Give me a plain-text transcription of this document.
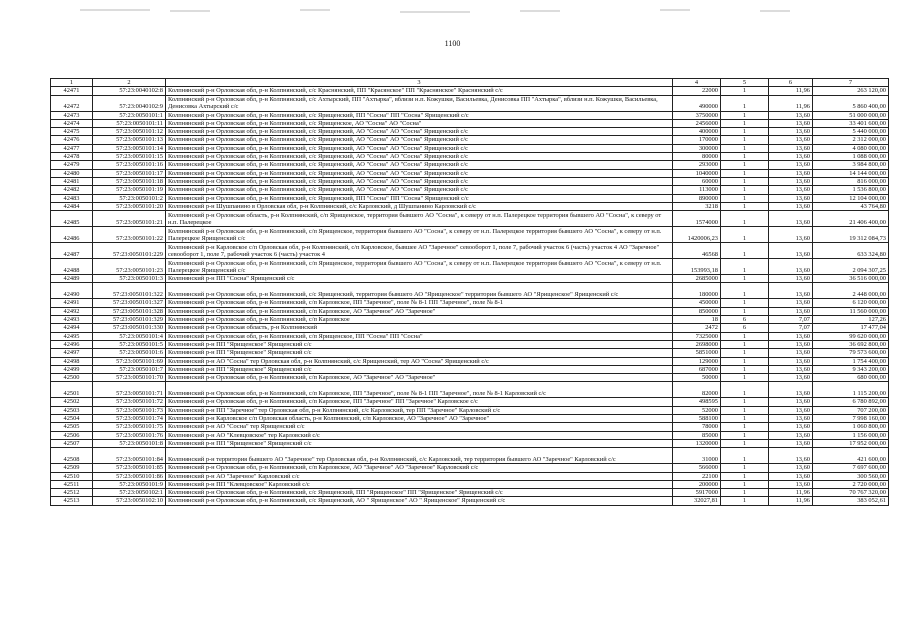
1100
1	2	3	4	5	6	7
42471	57:23:0040102:8	Колпнянский р-н Орловская обл, р-н Колпнянский, с/с Краснянский, ПП "Красянское" ПП "Краснянское" Краснянский с/с	22000	1	11,96	263 120,00
42472	57:23:0040102:9	Колпнянский р-н Орловская обл, р-н Колпнянский, с/с Ахтырский, ПП "Ахтырка", вблизи н.п. Кожушки, Васильевка, Денисовка ПП "Ахтырка", вблизи н.п. Кожушки, Васильевка, Денисовка Ахтырский с/с	490000	1	11,96	5 860 400,00
42473	57:23:0050101:1	Колпнянский р-н Орловская обл, р-н Колпнянский, с/с Ярищенский, ПП "Сосна" ПП "Сосна" Ярищенский с/с	3750000	1	13,60	51 000 000,00
42474	57:23:0050101:11	Колпнянский р-н Орловская обл, р-н Колпнянский, с/с Ярищенское, АО "Сосна" АО "Сосна"	2456000	1	13,60	33 401 600,00
42475	57:23:0050101:12	Колпнянский р-н Орловская обл, р-н Колпнянский, с/с Ярищенский, АО "Сосна" АО "Сосна" Ярищенский с/с	400000	1	13,60	5 440 000,00
42476	57:23:0050101:13	Колпнянский р-н Орловская обл, р-н Колпнянский, с/с Ярищенский, АО "Сосна" АО "Сосна" Ярищенский с/с	170000	1	13,60	2 312 000,00
42477	57:23:0050101:14	Колпнянский р-н Орловская обл, р-н Колпнянский, с/с Ярищенский, АО "Сосна" АО "Сосна" Ярищенский с/с	300000	1	13,60	4 080 000,00
42478	57:23:0050101:15	Колпнянский р-н Орловская обл, р-н Колпнянский, с/с Ярищенский, АО "Сосна" АО "Сосна" Ярищенский с/с	80000	1	13,60	1 088 000,00
42479	57:23:0050101:16	Колпнянский р-н Орловская обл, р-н Колпнянский, с/с Ярищенский, АО "Сосна" АО "Сосна" Ярищенский с/с	293000	1	13,60	3 984 800,00
42480	57:23:0050101:17	Колпнянский р-н Орловская обл, р-н Колпнянский, с/с Ярищенский, АО "Сосна" АО "Сосна" Ярищенский с/с	1040000	1	13,60	14 144 000,00
42481	57:23:0050101:18	Колпнянский р-н Орловская обл, р-н Колпнянский, с/с Ярищенский, АО "Сосна" АО "Сосна" Ярищенский с/с	60000	1	13,60	816 000,00
42482	57:23:0050101:19	Колпнянский р-н Орловская обл, р-н Колпнянский, с/с Ярищенский, АО "Сосна" АО "Сосна" Ярищенский с/с	113000	1	13,60	1 536 800,00
42483	57:23:0050101:2	Колпнянский р-н Орловская обл, р-н Колпнянский, с/с Ярищенский, ПП "Сосна" ПП "Сосна" Ярищенский с/с	890000	1	13,60	12 104 000,00
42484	57:23:0050101:20	Колпнянский р-н Шушпанино в Орловская обл, р-н Колпнянский, с/с Карловский, д Шушпанино Карловский с/с	3218	1	13,60	43 764,80
42485	57:23:0050101:21	Колпнянский р-н Орловская область, р-н Колпнянский, с/п Ярищенское, территория бывшего АО "Сосна", к северу от н.п. Палерецкое территория бывшего АО "Сосна", к северу от н.п. Палерецкое	1574000	1	13,60	21 406 400,00
42486	57:23:0050101:22	Колпнянский р-н Орловская обл, р-н Колпнянский, с/п Ярищенское, территория бывшего АО "Сосна", к северу от н.п. Палерецкое территория бывшего АО "Сосна", к северу от н.п. Палерецкое Ярищенский с/с	1420006,23	1	13,60	19 312 084,73
42487	57:23:0050101:229	Колпнянский р-н Карловское с/п Орловская обл, р-н Колпнянский, с/п Карловское, бывшее АО "Заречное" севооборот 1, поле 7, рабочий участок 6 (часть) участок 4 АО "Заречное" севооборот 1, поле 7, рабочий участок 6 (часть) участок 4	46568	1	13,60	633 324,80
42488	57:23:0050101:23	Колпнянский р-н Орловская обл, р-н Колпнянский, с/п Ярищенское, территория бывшего АО "Сосна", к северу от н.п. Палерецкое территория бывшего АО "Сосна", к северу от н.п. Палерецкое Ярищенский с/с	153993,18	1	13,60	2 094 307,25
42489	57:23:0050101:3	Колпнянский р-н ПП "Сосна" Ярищенский с/с	2685000	1	13,60	36 516 000,00
42490	57:23:0050101:322	Колпнянский р-н Орловская обл, р-н Колпнянский, с/с Ярищенский, территория бывшего АО "Ярищенское" территория бывшего АО "Ярищенское" Ярищенский с/с	180000	1	13,60	2 448 000,00
42491	57:23:0050101:327	Колпнянский р-н Орловская обл, р-н Колпнянский, с/п Карловское, ПП "Заречное", поле № 8-1 ПП "Заречное", поле № 8-1	450000	1	13,60	6 120 000,00
42492	57:23:0050101:328	Колпнянский р-н Орловская обл, р-н Колпнянский, с/п Карловское, АО "Заречное" АО "Заречное"	850000	1	13,60	11 560 000,00
42493	57:23:0050101:329	Колпнянский р-н Орловская обл, р-н Колпнянский, с/п Карловское	18	6	7,07	127,26
42494	57:23:0050101:330	Колпнянский р-н Орловская область, р-н Колпнянский	2472	6	7,07	17 477,04
42495	57:23:0050101:4	Колпнянский р-н Орловская обл, р-н Колпнянский, с/п Ярищенское, ПП "Сосна" ПП "Сосна"	7325000	1	13,60	99 620 000,00
42496	57:23:0050101:5	Колпнянский р-н ПП "Ярищенское" Ярищенский с/с	2698000	1	13,60	36 692 800,00
42497	57:23:0050101:6	Колпнянский р-н ПП "Ярищенское" Ярищенский с/с	5851000	1	13,60	79 573 600,00
42498	57:23:0050101:69	Колпнянский р-н АО "Сосна" тер Орловская обл, р-н Колпнянский, с/с Ярищенский, тер АО "Сосна" Ярищенский с/с	129000	1	13,60	1 754 400,00
42499	57:23:0050101:7	Колпнянский р-н ПП "Ярищенское" Ярищенский с/с	687000	1	13,60	9 343 200,00
42500	57:23:0050101:70	Колпнянский р-н Орловская обл, р-н Колпнянский, с/п Карловское, АО "Заречное" АО "Заречное"	50000	1	13,60	680 000,00
42501	57:23:0050101:71	Колпнянский р-н Орловская обл, р-н Колпнянский, с/п Карловское, ПП "Заречное", поле № 8-1 ПП "Заречное", поле № 8-1 Карловский с/с	82000	1	13,60	1 115 200,00
42502	57:23:0050101:72	Колпнянский р-н Орловская обл, р-н Колпнянский, с/п Карловское, ПП "Заречное" ПП "Заречное" Карловское с/с	498595	1	13,60	6 780 892,00
42503	57:23:0050101:73	Колпнянский р-н ПП "Заречное" тер Орловская обл, р-н Колпнянский, с/с Карловский, тер ПП "Заречное" Карловский с/с	52000	1	13,60	707 200,00
42504	57:23:0050101:74	Колпнянский р-н Карловское с/п Орловская область, р-н Колпнянский, с/п Карловское, АО "Заречное" АО "Заречное"	588100	1	13,60	7 998 160,00
42505	57:23:0050101:75	Колпнянский р-н АО "Сосна" тер Ярищенский с/с	78000	1	13,60	1 060 800,00
42506	57:23:0050101:76	Колпнянский р-н АО "Клевцовское" тер Карловский с/с	85000	1	13,60	1 156 000,00
42507	57:23:0050101:8	Колпнянский р-н ПП "Ярищенское" Ярищенский с/с	1320000	1	13,60	17 952 000,00
42508	57:23:0050101:84	Колпнянский р-н территория бывшего АО "Заречное" тер Орловская обл, р-н Колпнянский, с/с Карловский, тер территория бывшего АО "Заречное" Карловский с/с	31000	1	13,60	421 600,00
42509	57:23:0050101:85	Колпнянский р-н Орловская обл, р-н Колпнянский, с/п Карловское, АО "Заречное" АО "Заречное" Карловский с/с	566000	1	13,60	7 697 600,00
42510	57:23:0050101:86	Колпнянский р-н АО "Заречное" Карловский с/с	22100	1	13,60	300 560,00
42511	57:23:0050101:9	Колпнянский р-н ПП "Клевцовское" Карловский с/с	200000	1	13,60	2 720 000,00
42512	57:23:0050102:1	Колпнянский р-н Орловская обл, р-н Колпнянский, с/с Ярищенский, ПП "Ярищенское" ПП "Ярищенское" Ярищенский с/с	5917000	1	11,96	70 767 320,00
42513	57:23:0050102:10	Колпнянский р-н Орловская обл, р-н Колпнянский, с/с Ярищенский, АО " Ярищенское" АО " Ярищенское" Ярищенский с/с	32027,81	1	11,96	383 052,61
